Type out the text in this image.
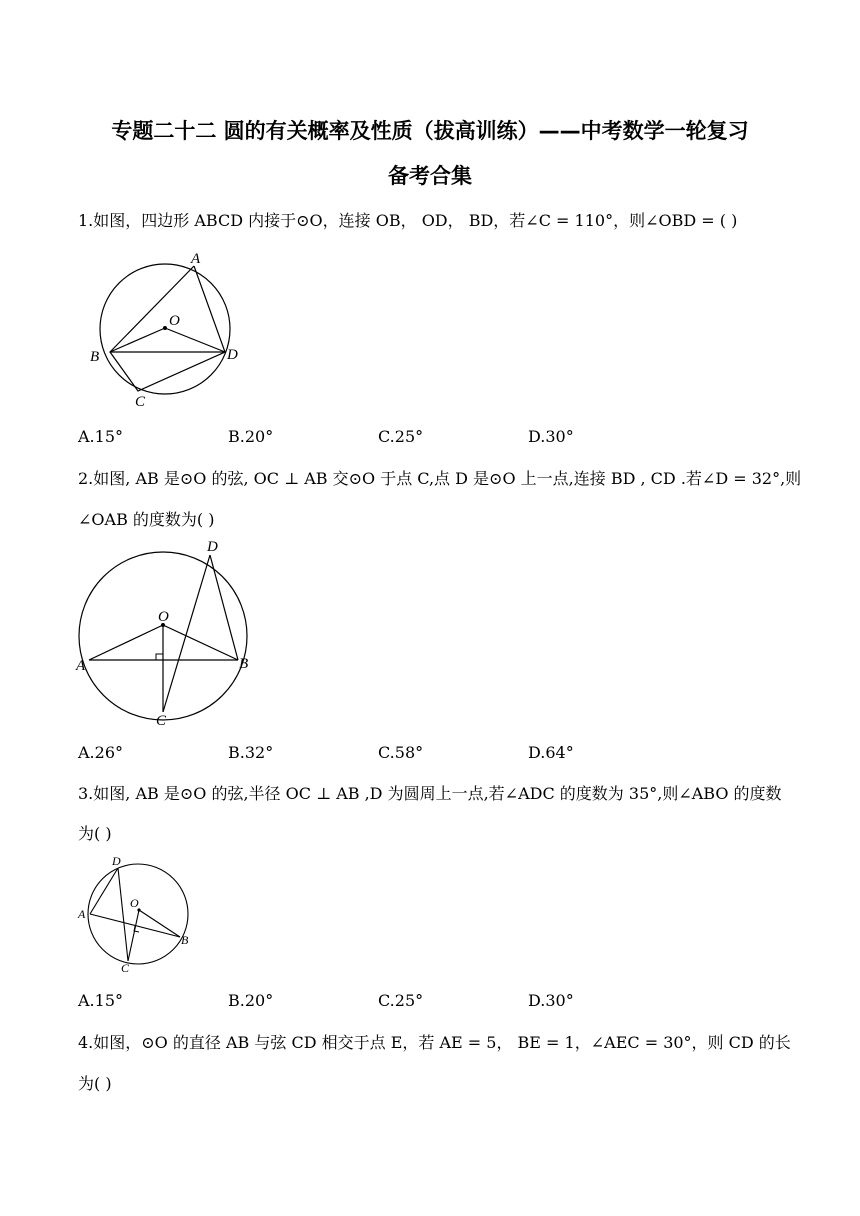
专题二十二 圆的有关概率及性质（拔高训练）——中考数学一轮复习
备考合集
1.如图，四边形 ABCD 内接于⊙O，连接 OB， OD， BD，若∠C = 110°，则∠OBD = ( )
A
O
B	D
C
A.15°	B.20°	C.25°	D.30°
2.如图, AB 是⊙O 的弦, OC ⊥ AB 交⊙O 于点 C,点 D 是⊙O 上一点,连接 BD , CD .若∠D = 32°,则
∠OAB 的度数为( )
D
O
A	B
C
A.26°	B.32°	C.58°	D.64°
3.如图, AB 是⊙O 的弦,半径 OC ⊥ AB ,D 为圆周上一点,若∠ADC 的度数为 35°,则∠ABO 的度数
为( )
D
O
A
B
C
A.15°	B.20°	C.25°	D.30°
4.如图，⊙O 的直径 AB 与弦 CD 相交于点 E，若 AE = 5， BE = 1，∠AEC = 30°，则 CD 的长
为( )
